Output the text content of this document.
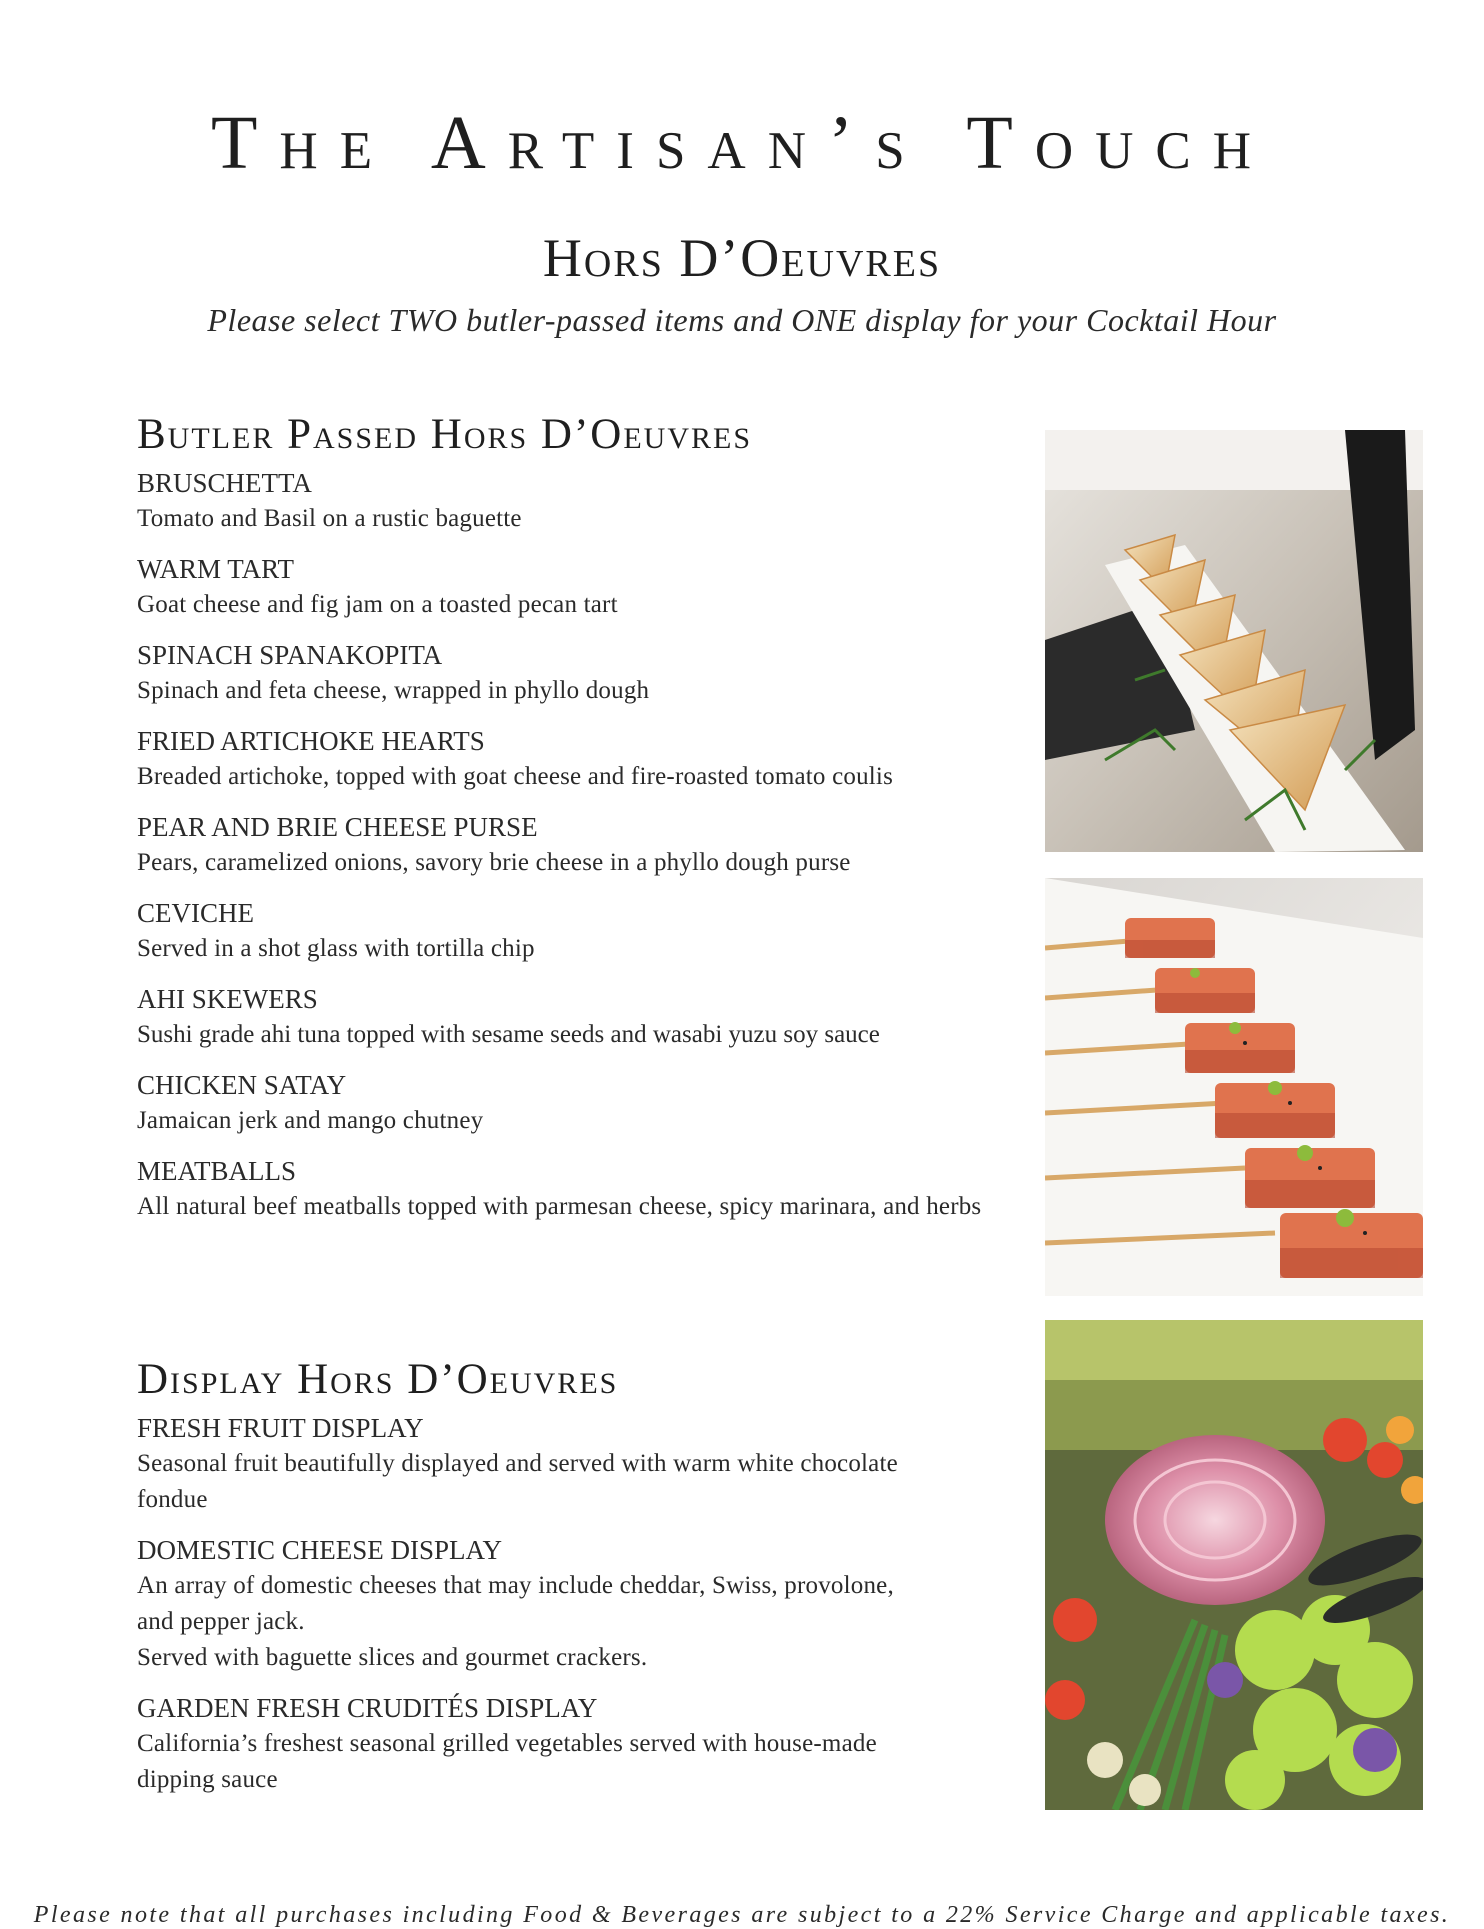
The Artisan’s Touch
Hors D’Oeuvres

Please select TWO butler-passed items and ONE display for your Cocktail Hour

Butler Passed Hors D’Oeuvres
BRUSCHETTA
Tomato and Basil on a rustic baguette
WARM TART
Goat cheese and fig jam on a toasted pecan tart
SPINACH SPANAKOPITA
Spinach and feta cheese, wrapped in phyllo dough
FRIED ARTICHOKE HEARTS
Breaded artichoke, topped with goat cheese and fire-roasted tomato coulis
PEAR AND BRIE CHEESE PURSE
Pears, caramelized onions, savory brie cheese in a phyllo dough purse
CEVICHE
Served in a shot glass with tortilla chip
AHI SKEWERS
Sushi grade ahi tuna topped with sesame seeds and wasabi yuzu soy sauce
CHICKEN SATAY
Jamaican jerk and mango chutney
MEATBALLS
All natural beef meatballs topped with parmesan cheese, spicy marinara, and herbs
Display Hors D’Oeuvres
FRESH FRUIT DISPLAY
Seasonal fruit beautifully displayed and served with warm white chocolate fondue
DOMESTIC CHEESE DISPLAY
An array of domestic cheeses that may include cheddar, Swiss, provolone, and pepper jack.
Served with baguette slices and gourmet crackers.
GARDEN FRESH CRUDITÉS DISPLAY
California’s freshest seasonal grilled vegetables served with house-made dipping sauce

Please note that all purchases including Food & Beverages are subject to a 22% Service Charge and applicable taxes.
